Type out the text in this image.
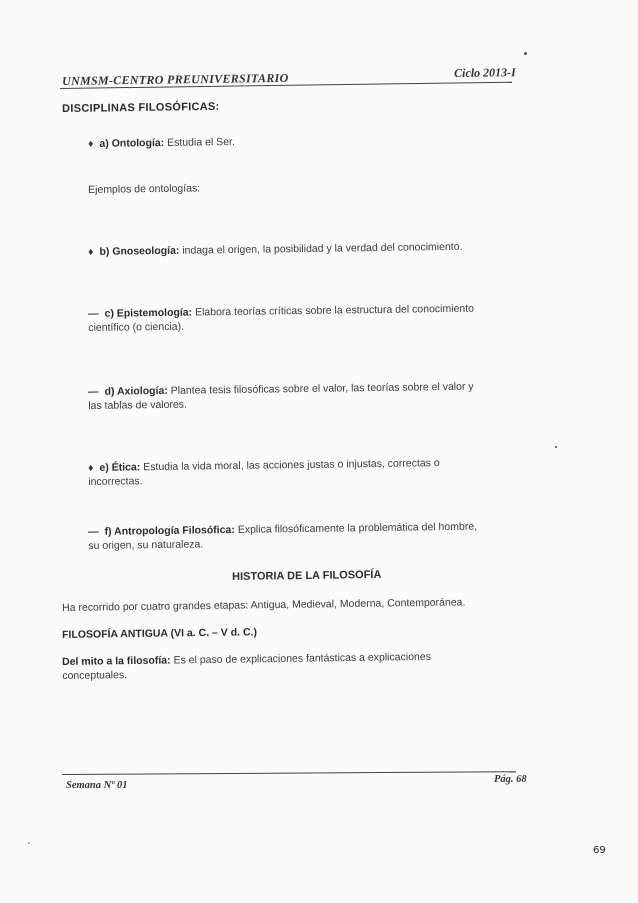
UNMSM-CENTRO PREUNIVERSITARIO	Ciclo 2013-I
DISCIPLINAS FILOSÓFICAS:
♦ a) Ontología: Estudia el Ser.
Ejemplos de ontologías:
♦ b) Gnoseología: indaga el origen, la posibilidad y la verdad del conocimiento.
— c) Epistemología: Elabora teorías críticas sobre la estructura del conocimiento
científico (o ciencia).
— d) Axiología: Plantea tesis filosóficas sobre el valor, las teorías sobre el valor y
las tablas de valores.
♦ e) Ética: Estudia la vida moral, las acciones justas o injustas, correctas o
incorrectas.
— f) Antropología Filosófica: Explica filosóficamente la problemática del hombre,
su origen, su naturaleza.
HISTORIA DE LA FILOSOFÍA
Ha recorrido por cuatro grandes etapas: Antigua, Medieval, Moderna, Contemporánea.
FILOSOFÍA ANTIGUA (VI a. C. – V d. C.)
Del mito a la filosofía: Es el paso de explicaciones fantásticas a explicaciones
conceptuales.
Semana Nº 01
Pág. 68
69
